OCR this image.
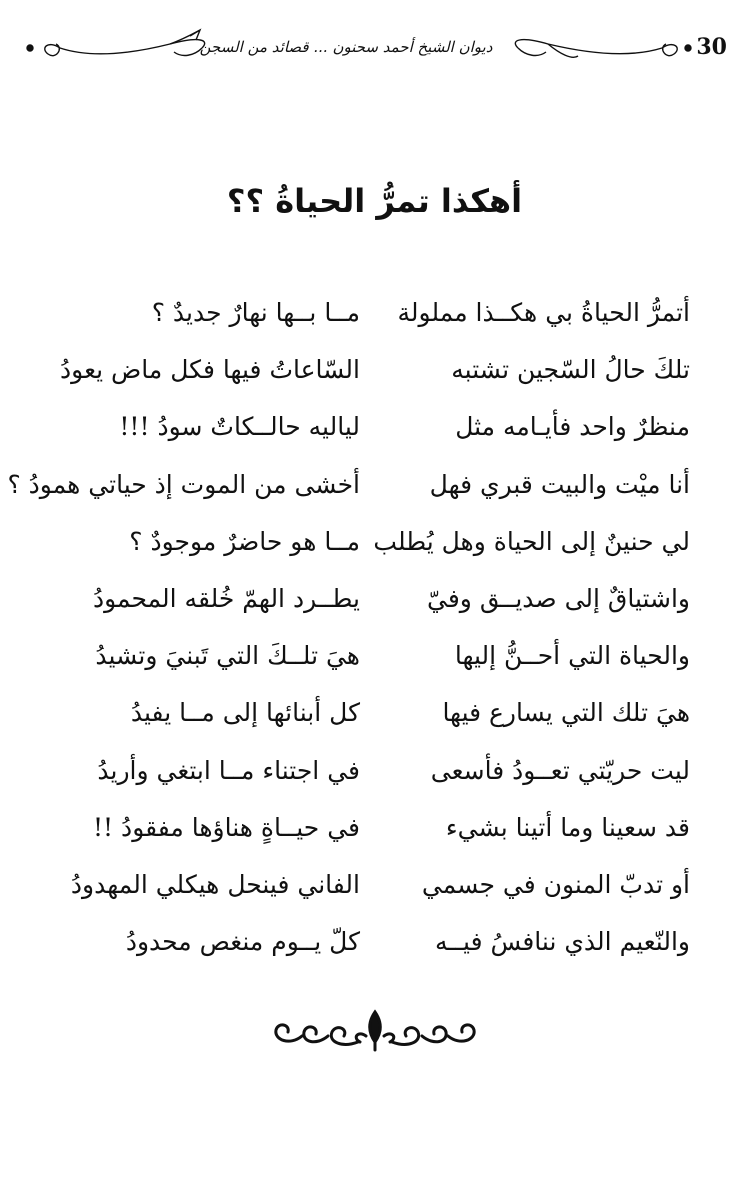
ديوان الشيخ أحمد سحنون ... قصائد من السجن	30
أهكذا تمرُّ الحياةُ ؟؟
أتمرُّ الحياةُ بي هكــذا مملولة
مــا بــها نهارٌ جديدٌ ؟
تلكَ حالُ السّجين تشتبه
السّاعاتُ فيها فكل ماض يعودُ
منظرٌ واحد فأيـامه مثل
لياليه حالــكاتٌ سودُ !!!
أنا ميْت والبيت قبري فهل
أخشى من الموت إذ حياتي همودُ ؟
لي حنينٌ إلى الحياة وهل يُطلب
مــا هو حاضرٌ موجودٌ ؟
واشتياقٌ إلى صديــق وفيّ
يطــرد الهمّ خُلقه المحمودُ
والحياة التي أحــنُّ إليها
هيَ تلــكَ التي تَبنيَ وتشيدُ
هيَ تلك التي يسارع فيها
كل أبنائها إلى مــا يفيدُ
ليت حريّتي تعــودُ فأسعى
في اجتناء مــا ابتغي وأريدُ
قد سعينا وما أتينا بشيء
في حيــاةٍ هناؤها مفقودُ !!
أو تدبّ المنون في جسمي
الفاني فينحل هيكلي المهدودُ
والنّعيم الذي ننافسُ فيــه
كلّ يــوم منغص محدودُ
